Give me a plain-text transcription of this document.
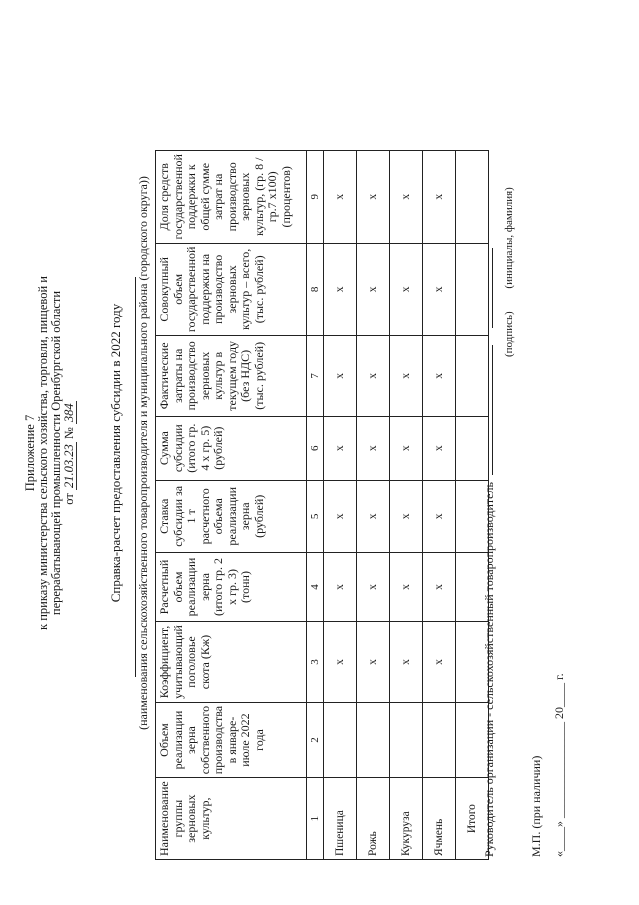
Приложение 7 к приказу министерства сельского хозяйства, торговли, пищевой и перерабатывающей промышленности Оренбургской области от 21.03.23 № 384 Справка-расчет предоставления субсидии в 2022 году (наименования сельскохозяйственного товаропроизводителя и муниципального района (городского округа))
Наименование группы зерновых культур,	Объем реализации зерна собственного производства в январе-июле 2022 года	Коэффициент, учитывающий поголовье скота (Кж)	Расчетный объем реализации зерна (итого гр. 2 x гр. 3) (тонн)	Ставка субсидии за 1 т расчетного объема реализации зерна (рублей)	Сумма субсидии (итого гр. 4 x гр. 5) (рублей)	Фактические затраты на производство зерновых культур в текущем году (без НДС) (тыс. рублей)	Совокупный объем государственной поддержки на производство зерновых культур – всего, (тыс. рублей)	Доля средств государственной поддержки к общей сумме затрат на производство зерновых культур, (гр. 8 / гр.7 x100) (процентов)
1	2	3	4	5	6	7	8	9
Пшеница		x	x	x	x	x	x	x
Рожь		x	x	x	x	x	x	x
Кукуруза		x	x	x	x	x	x	x
Ячмень		x	x	x	x	x	x	x
Итого								Руководитель организации - сельскохозяйственный товаропроизводитель
(подпись) (инициалы, фамилия)
М.П. (при наличии) «____» ________________ 20____ г.
